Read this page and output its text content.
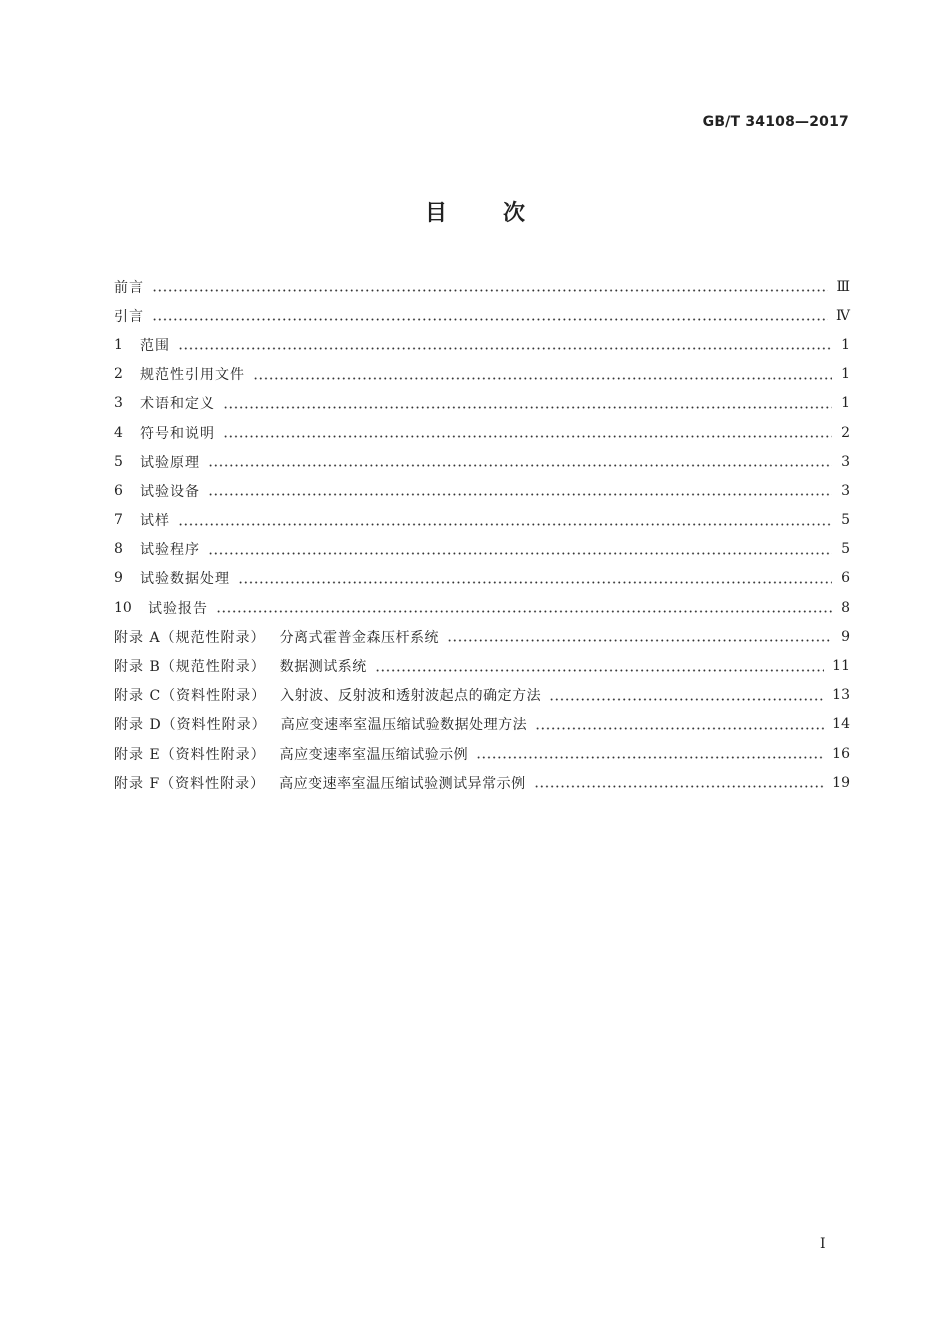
GB/T 34108—2017
目	次
前言	Ⅲ
引言	Ⅳ
1	范围	1
2	规范性引用文件	1
3	术语和定义	1
4	符号和说明	2
5	试验原理	3
6	试验设备	3
7	试样	5
8	试验程序	5
9	试验数据处理	6
10	试验报告	8
附录 A（规范性附录） 分离式霍普金森压杆系统	9
附录 B（规范性附录） 数据测试系统	11
附录 C（资料性附录） 入射波、反射波和透射波起点的确定方法	13
附录 D（资料性附录） 高应变速率室温压缩试验数据处理方法	14
附录 E（资料性附录） 高应变速率室温压缩试验示例	16
附录 F（资料性附录） 高应变速率室温压缩试验测试异常示例	19
Ⅰ
